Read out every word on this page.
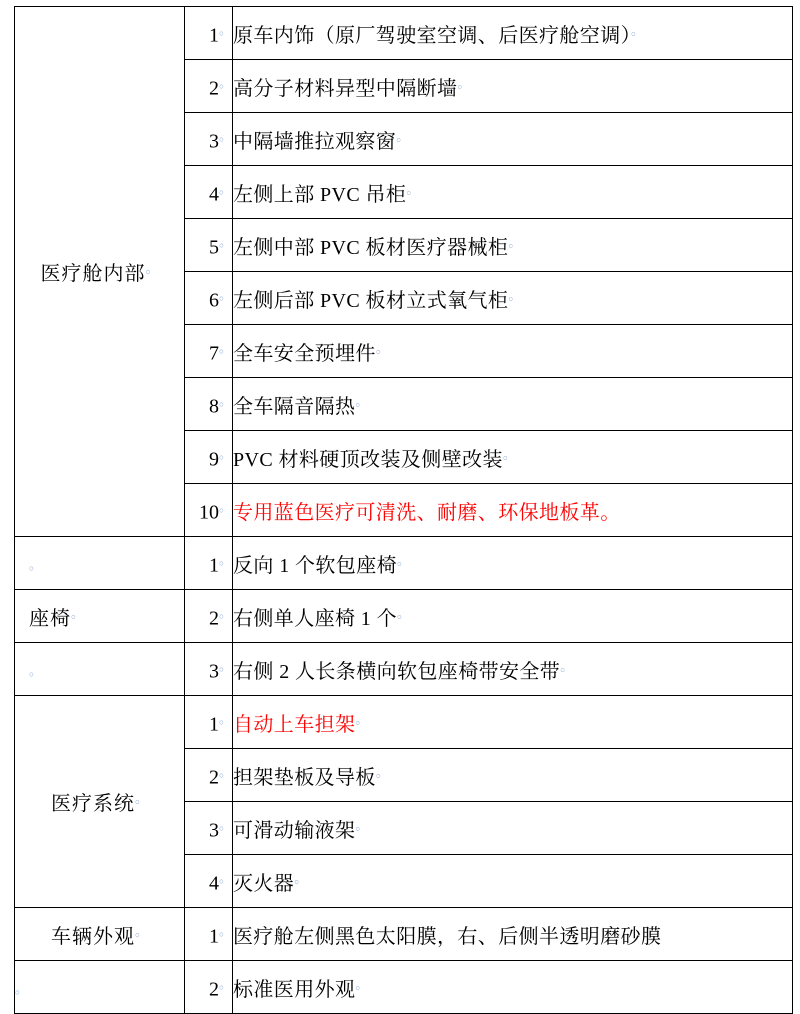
医疗舱内部。	1。	原车内饰（原厂驾驶室空调、后医疗舱空调）。
	2。	高分子材料异型中隔断墙。
	3。	中隔墙推拉观察窗。
	4。	左侧上部 PVC 吊柜。
	5。	左侧中部 PVC 板材医疗器械柜。
	6。	左侧后部 PVC 板材立式氧气柜。
	7。	全车安全预埋件。
	8。	全车隔音隔热。
	9。	PVC 材料硬顶改装及侧壁改装。
	10。	专用蓝色医疗可清洗、耐磨、环保地板革。
。	1。	反向 1 个软包座椅。
座椅。	2。	右侧单人座椅 1 个。
。	3。	右侧 2 人长条横向软包座椅带安全带。
医疗系统。	1。	自动上车担架。
	2。	担架垫板及导板。
	3。	可滑动输液架。
	4。	灭火器。
车辆外观。	1。	医疗舱左侧黑色太阳膜，右、后侧半透明磨砂膜
。	2。	标准医用外观。
